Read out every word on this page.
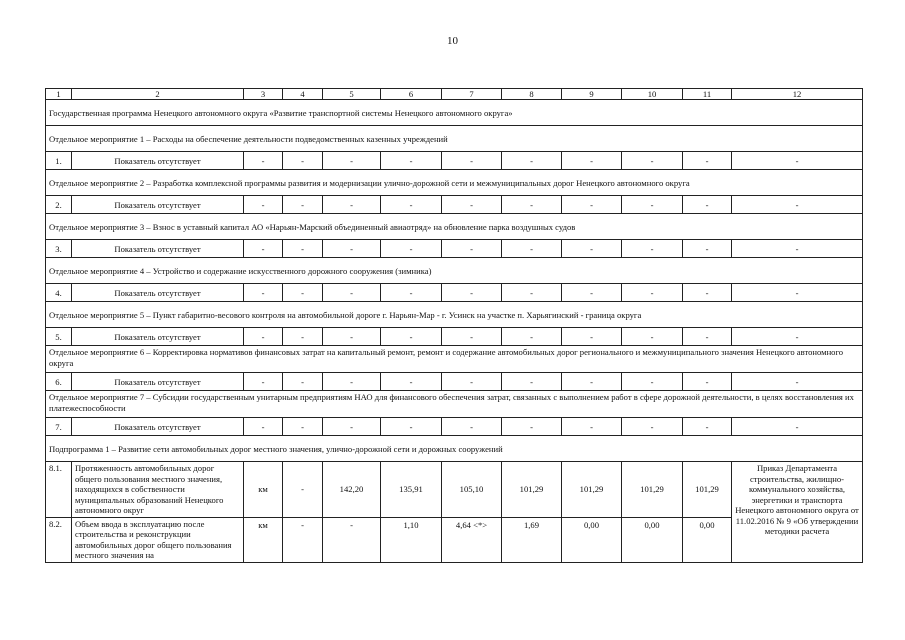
10
1	2	3	4	5	6	7	8	9	10	11	12
Государственная программа Ненецкого автономного округа «Развитие транспортной системы Ненецкого автономного округа»											
Отдельное мероприятие 1 – Расходы на обеспечение деятельности подведомственных казенных учреждений											
1.	Показатель отсутствует	-	-	-	-	-	-	-	-	-	-
Отдельное мероприятие 2 – Разработка комплексной программы развития и модернизации улично-дорожной сети и межмуниципальных дорог Ненецкого автономного округа											
2.	Показатель отсутствует	-	-	-	-	-	-	-	-	-	-
Отдельное мероприятие 3 – Взнос в уставный капитал АО «Нарьян-Марский объединенный авиаотряд» на обновление парка воздушных судов											
3.	Показатель отсутствует	-	-	-	-	-	-	-	-	-	-
Отдельное мероприятие 4 – Устройство и содержание искусственного дорожного сооружения (зимника)											
4.	Показатель отсутствует	-	-	-	-	-	-	-	-	-	-
Отдельное мероприятие 5 – Пункт габаритно-весового контроля на автомобильной дороге г. Нарьян-Мар - г. Усинск на участке п. Харьягинский - граница округа											
5.	Показатель отсутствует	-	-	-	-	-	-	-	-	-	-
Отдельное мероприятие 6 – Корректировка нормативов финансовых затрат на капитальный ремонт, ремонт и содержание автомобильных дорог регионального и межмуниципального значения Ненецкого автономного округа											
6.	Показатель отсутствует	-	-	-	-	-	-	-	-	-	-
Отдельное мероприятие 7 – Субсидии государственным унитарным предприятиям НАО для финансового обеспечения затрат, связанных с выполнением работ в сфере дорожной деятельности, в целях восстановления их платежеспособности											
7.	Показатель отсутствует	-	-	-	-	-	-	-	-	-	-
Подпрограмма 1 – Развитие сети автомобильных дорог местного значения, улично-дорожной сети и дорожных сооружений											
8.1.	Протяженность автомобильных дорог общего пользования местного значения, находящихся в собственности муниципальных образований Ненецкого автономного округ	км	-	142,20	135,91	105,10	101,29	101,29	101,29	101,29	Приказ Департамента строительства, жилищно-коммунального хозяйства, энергетики и транспорта Ненецкого автономного округа от 11.02.2016 № 9 «Об утверждении методики расчета
8.2.	Объем ввода в эксплуатацию после строительства и реконструкции автомобильных дорог общего пользования местного значения на	км	-	-	1,10	4,64 <*>	1,69	0,00	0,00	0,00	
